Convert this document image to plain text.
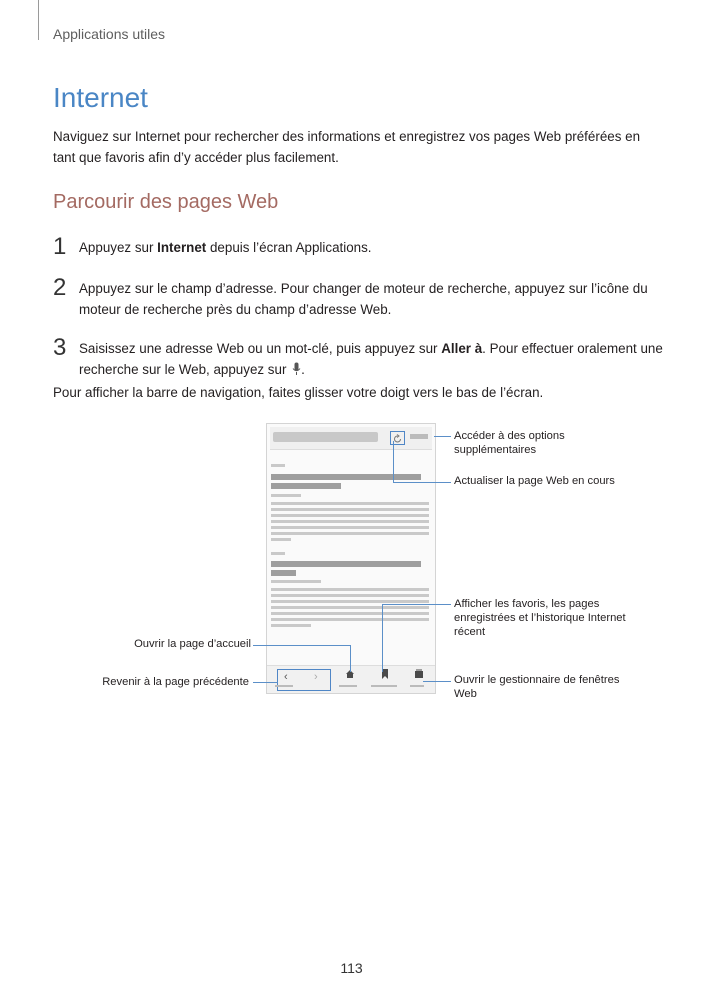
Applications utiles
Internet

Naviguez sur Internet pour rechercher des informations et enregistrez vos pages Web préférées en tant que favoris afin d’y accéder plus facilement.

Parcourir des pages Web
1 Appuyez sur Internet depuis l’écran Applications.
2 Appuyez sur le champ d’adresse. Pour changer de moteur de recherche, appuyez sur l’icône du moteur de recherche près du champ d’adresse Web.
3 Saisissez une adresse Web ou un mot-clé, puis appuyez sur Aller à. Pour effectuer oralement une recherche sur le Web, appuyez sur .
Pour afficher la barre de navigation, faites glisser votre doigt vers le bas de l’écran.
‹ ›

Accéder à des options supplémentaires

Actualiser la page Web en cours

Afficher les favoris, les pages enregistrées et l’historique Internet récent

Ouvrir la page d’accueil

Revenir à la page précédente	Ouvrir le gestionnaire de fenêtres Web

113
